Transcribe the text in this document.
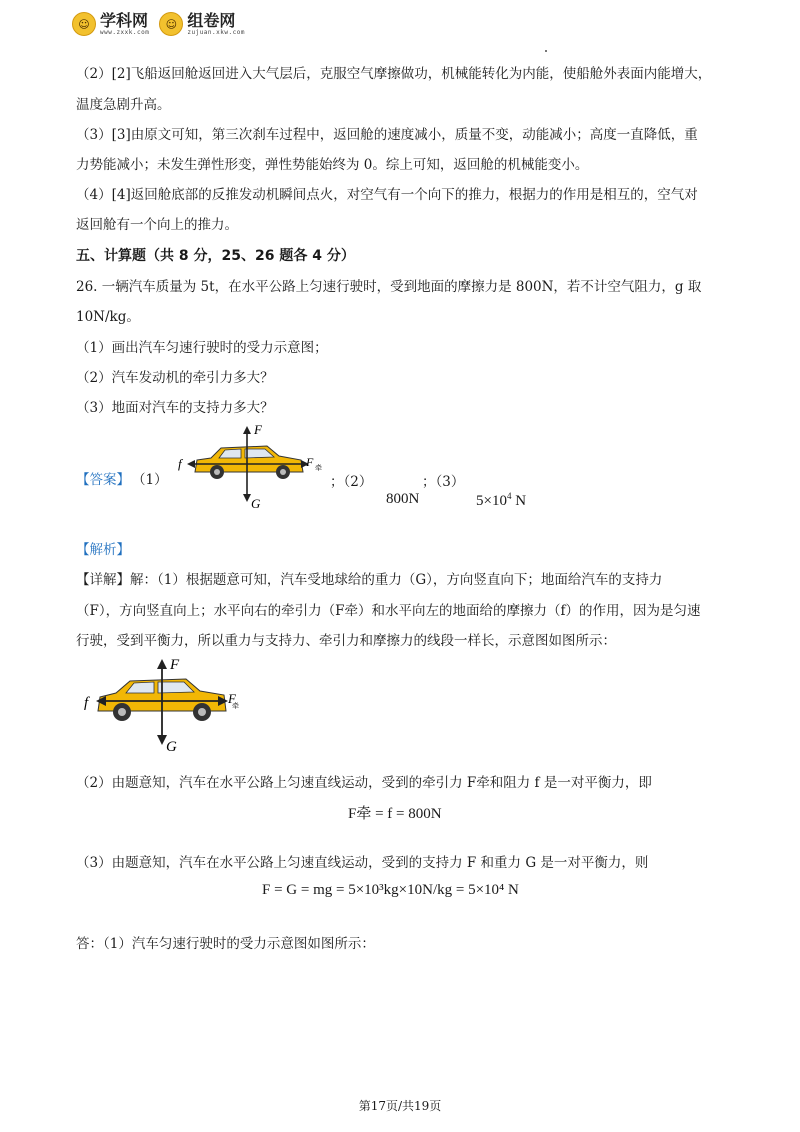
☺ 学科网
www.zxxk.com
☺ 组卷网
zujuan.xkw.com
（2）[2]飞船返回舱返回进入大气层后，克服空气摩擦做功，机械能转化为内能，使船舱外表面内能增大，
温度急剧升高。
（3）[3]由原文可知，第三次刹车过程中，返回舱的速度减小，质量不变，动能减小；高度一直降低，重
力势能减小；未发生弹性形变，弹性势能始终为 0。综上可知，返回舱的机械能变小。
（4）[4]返回舱底部的反推发动机瞬间点火，对空气有一个向下的推力，根据力的作用是相互的，空气对
返回舱有一个向上的推力。
五、计算题（共 8 分，25、26 题各 4 分）
26. 一辆汽车质量为 5t，在水平公路上匀速行驶时，受到地面的摩擦力是 800N，若不计空气阻力，g 取
10N/kg。
（1）画出汽车匀速行驶时的受力示意图；
（2）汽车发动机的牵引力多大？
（3）地面对汽车的支持力多大？
【答案】 （1）
F
G
f	F 牵
；（2）	；（3）
800N	$5\times 10^4$ N
【解析】
【详解】解：（1）根据题意可知，汽车受地球给的重力（G），方向竖直向下；地面给汽车的支持力
（F），方向竖直向上；水平向右的牵引力（F牵）和水平向左的地面给的摩擦力（f）的作用，因为是匀速
行驶，受到平衡力，所以重力与支持力、牵引力和摩擦力的线段一样长，示意图如图所示：
F
G
f	F
牵
（2）由题意知，汽车在水平公路上匀速直线运动，受到的牵引力 F牵和阻力 f 是一对平衡力，即
F牵 = f = 800N
（3）由题意知，汽车在水平公路上匀速直线运动，受到的支持力 F 和重力 G 是一对平衡力，则
F = G = mg = 5×10³kg×10N/kg = 5×10⁴ N
答：（1）汽车匀速行驶时的受力示意图如图所示：
第17页/共19页
